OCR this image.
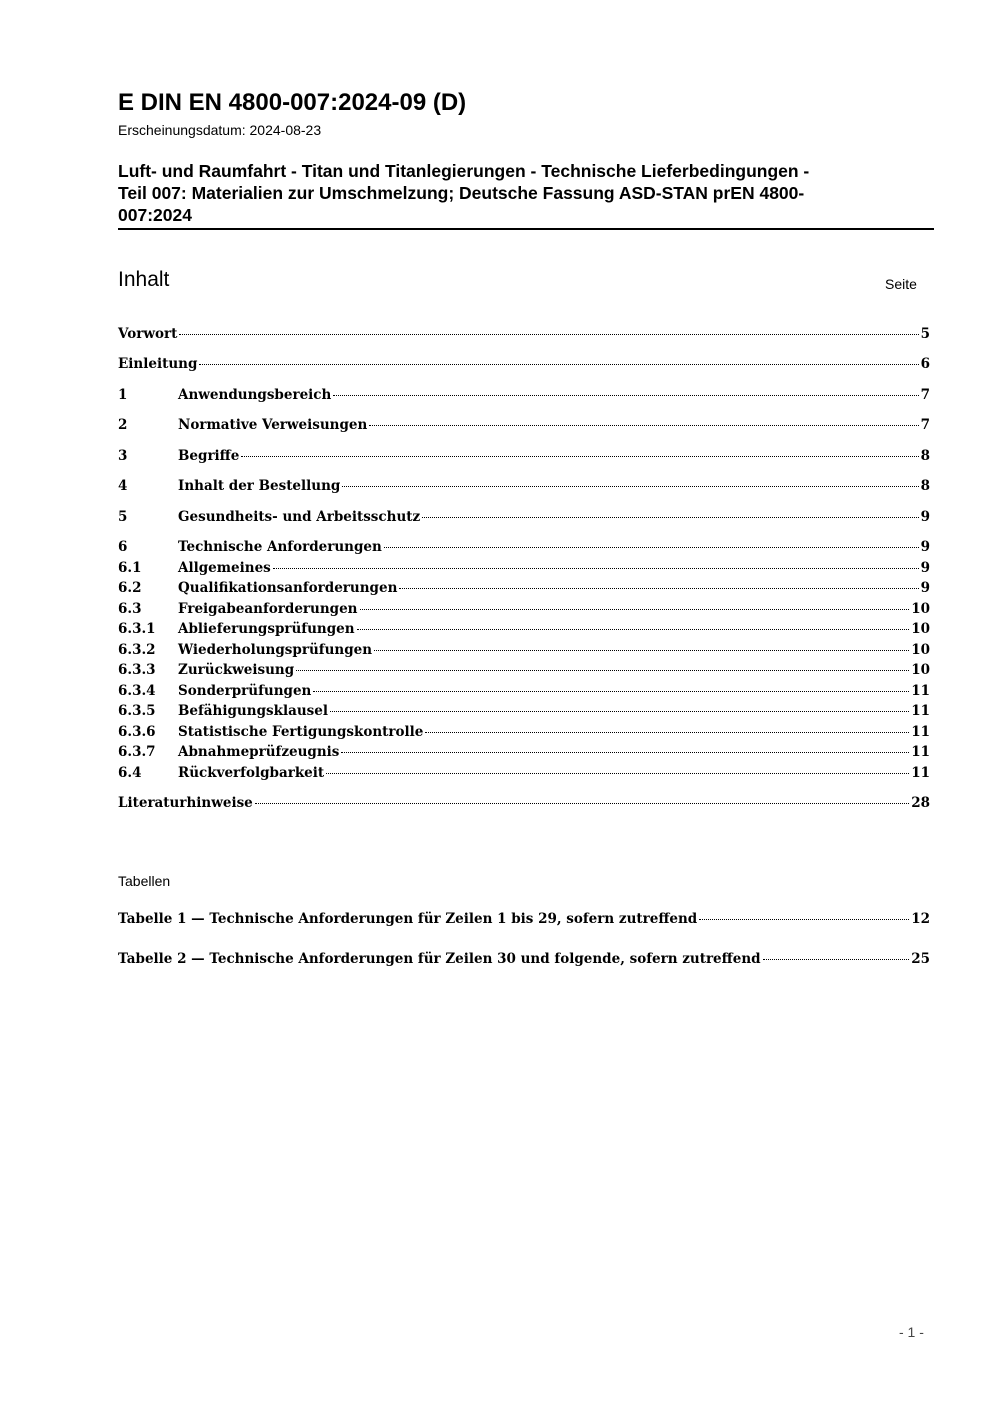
E DIN EN 4800-007:2024-09 (D)
Erscheinungsdatum: 2024-08-23
Luft- und Raumfahrt - Titan und Titanlegierungen - Technische Lieferbedingungen -
Teil 007: Materialien zur Umschmelzung; Deutsche Fassung ASD-STAN prEN 4800-
007:2024
Inhalt	Seite
Vorwort	5
Einleitung	6
1	Anwendungsbereich	7
2	Normative Verweisungen	7
3	Begriffe	8
4	Inhalt der Bestellung	8
5	Gesundheits- und Arbeitsschutz	9
6	Technische Anforderungen	9
6.1	Allgemeines	9
6.2	Qualifikationsanforderungen	9
6.3	Freigabeanforderungen	10
6.3.1	Ablieferungsprüfungen	10
6.3.2	Wiederholungsprüfungen	10
6.3.3	Zurückweisung	10
6.3.4	Sonderprüfungen	11
6.3.5	Befähigungsklausel	11
6.3.6	Statistische Fertigungskontrolle	11
6.3.7	Abnahmeprüfzeugnis	11
6.4	Rückverfolgbarkeit	11
Literaturhinweise	28
Tabellen
Tabelle 1 — Technische Anforderungen für Zeilen 1 bis 29, sofern zutreffend	12
Tabelle 2 — Technische Anforderungen für Zeilen 30 und folgende, sofern zutreffend	25
- 1 -
